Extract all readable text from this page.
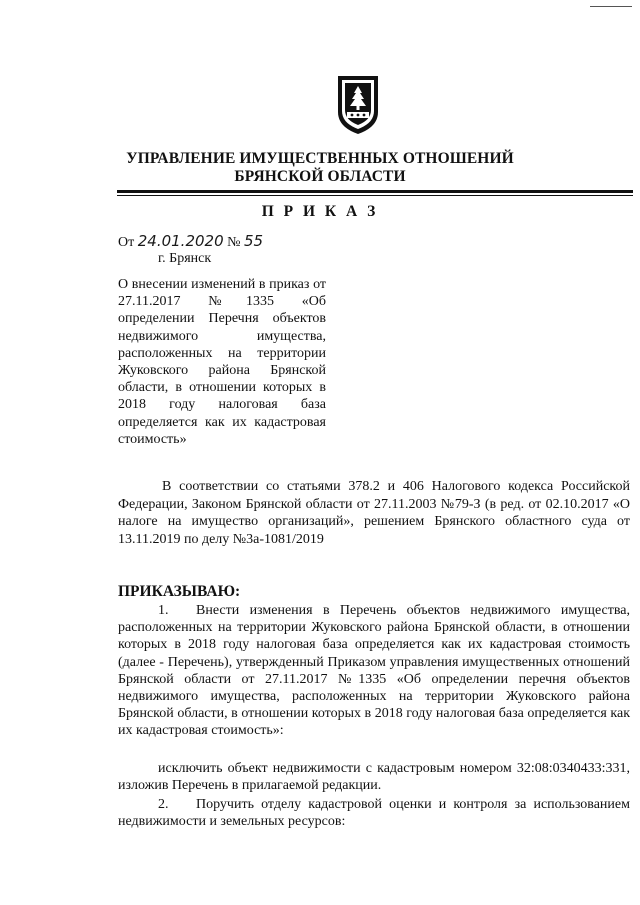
УПРАВЛЕНИЕ ИМУЩЕСТВЕННЫХ ОТНОШЕНИЙ
БРЯНСКОЙ ОБЛАСТИ
П Р И К А З
От 24.01.2020 № 55
г. Брянск
О внесении изменений в приказ от 27.11.2017 №1335 «Об определении Перечня объектов недвижимого имущества, расположенных на территории Жуковского района Брянской области, в отношении которых в 2018 году налоговая база определяется как их кадастровая стоимость»
В соответствии со статьями 378.2 и 406 Налогового кодекса Российской Федерации, Законом Брянской области от 27.11.2003 №79-З (в ред. от 02.10.2017 «О налоге на имущество организаций», решением Брянского областного суда от 13.11.2019 по делу №3а-1081/2019
ПРИКАЗЫВАЮ:
1. Внести изменения в Перечень объектов недвижимого имущества, расположенных на территории Жуковского района Брянской области, в отношении которых в 2018 году налоговая база определяется как их кадастровая стоимость (далее - Перечень), утвержденный Приказом управления имущественных отношений Брянской области от 27.11.2017 №1335 «Об определении перечня объектов недвижимого имущества, расположенных на территории Жуковского района Брянской области, в отношении которых в 2018 году налоговая база определяется как их кадастровая стоимость»:
исключить объект недвижимости с кадастровым номером 32:08:0340433:331, изложив Перечень в прилагаемой редакции.
2. Поручить отделу кадастровой оценки и контроля за использованием недвижимости и земельных ресурсов:
